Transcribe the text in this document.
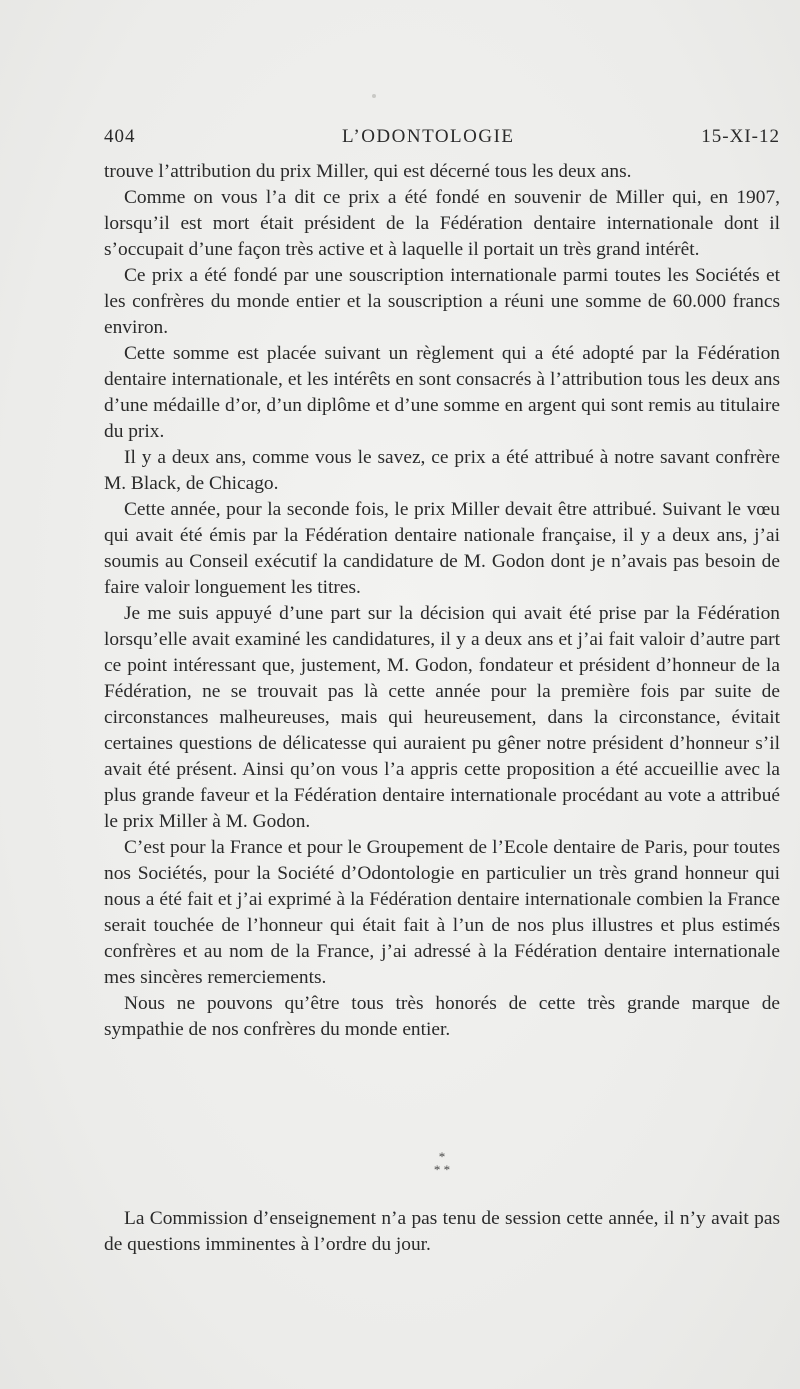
404	L’ODONTOLOGIE	15-XI-12

trouve l’attribution du prix Miller, qui est décerné tous les deux ans.

Comme on vous l’a dit ce prix a été fondé en souvenir de Miller qui, en 1907, lorsqu’il est mort était président de la Fédération dentaire internationale dont il s’occupait d’une façon très active et à laquelle il portait un très grand intérêt.

Ce prix a été fondé par une souscription internationale parmi toutes les Sociétés et les confrères du monde entier et la souscription a réuni une somme de 60.000 francs environ.

Cette somme est placée suivant un règlement qui a été adopté par la Fédération dentaire internationale, et les intérêts en sont consacrés à l’attribution tous les deux ans d’une médaille d’or, d’un diplôme et d’une somme en argent qui sont remis au titulaire du prix.

Il y a deux ans, comme vous le savez, ce prix a été attribué à notre savant confrère M. Black, de Chicago.

Cette année, pour la seconde fois, le prix Miller devait être attribué. Suivant le vœu qui avait été émis par la Fédération dentaire nationale française, il y a deux ans, j’ai soumis au Conseil exécutif la candidature de M. Godon dont je n’avais pas besoin de faire valoir longuement les titres.

Je me suis appuyé d’une part sur la décision qui avait été prise par la Fédération lorsqu’elle avait examiné les candidatures, il y a deux ans et j’ai fait valoir d’autre part ce point intéressant que, justement, M. Godon, fondateur et président d’honneur de la Fédération, ne se trouvait pas là cette année pour la première fois par suite de circonstances malheureuses, mais qui heureusement, dans la circonstance, évitait certaines questions de délicatesse qui auraient pu gêner notre président d’honneur s’il avait été présent. Ainsi qu’on vous l’a appris cette proposition a été accueillie avec la plus grande faveur et la Fédération dentaire internationale procédant au vote a attribué le prix Miller à M. Godon.

C’est pour la France et pour le Groupement de l’Ecole dentaire de Paris, pour toutes nos Sociétés, pour la Société d’Odontologie en particulier un très grand honneur qui nous a été fait et j’ai exprimé à la Fédération dentaire internationale combien la France serait touchée de l’honneur qui était fait à l’un de nos plus illustres et plus estimés confrères et au nom de la France, j’ai adressé à la Fédération dentaire internationale mes sincères remerciements.

Nous ne pouvons qu’être tous très honorés de cette très grande marque de sympathie de nos confrères du monde entier.

*
* *

La Commission d’enseignement n’a pas tenu de session cette année, il n’y avait pas de questions imminentes à l’ordre du jour.
